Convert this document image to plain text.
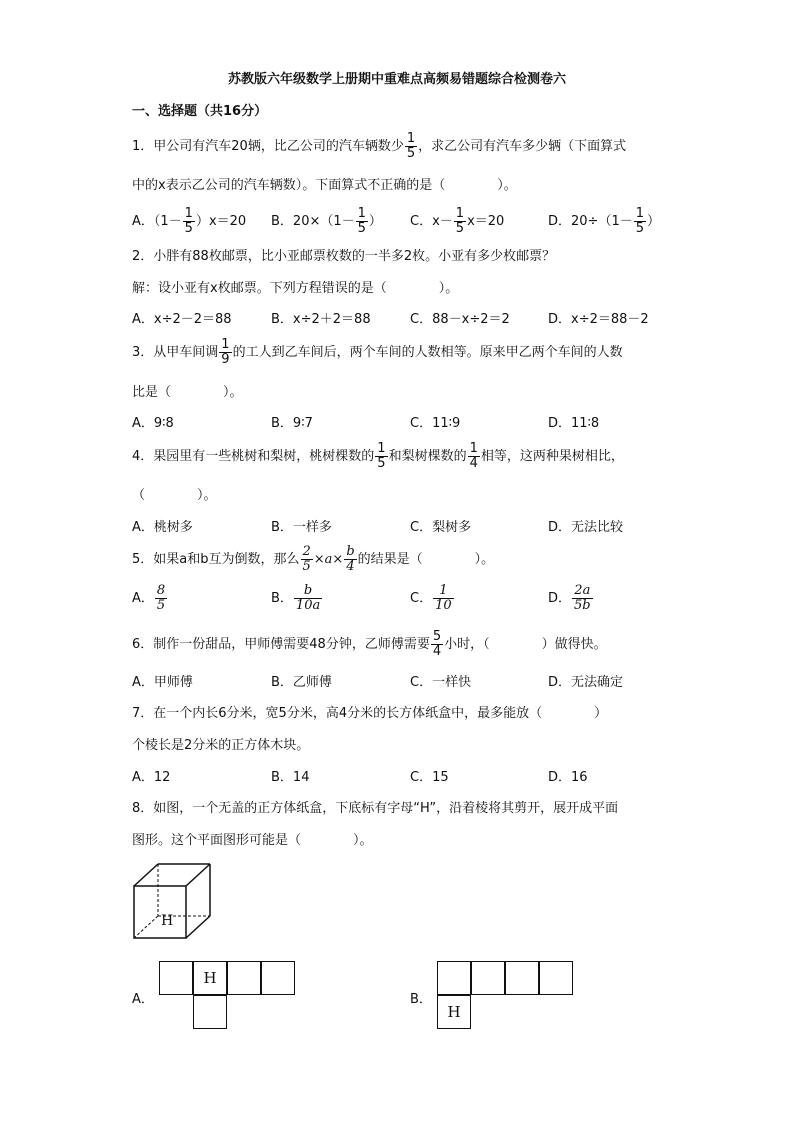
苏教版六年级数学上册期中重难点高频易错题综合检测卷六
一、选择题（共16分）
1．甲公司有汽车20辆，比乙公司的汽车辆数少 $\frac{1}{5}$ ，求乙公司有汽车多少辆（下面算式
中的x表示乙公司的汽车辆数）。下面算式不正确的是（	）。
A．$(1- \frac{1}{5} )x=20$ B．$20\times(1- \frac{1}{5}$ ） C．$x- \frac{1}{5} x=20$	D．$20\div(1- \frac{1}{5}$ ）
2．小胖有88枚邮票，比小亚邮票枚数的一半多2枚。小亚有多少枚邮票？
解：设小亚有x枚邮票。下列方程错误的是（	）。
A．x÷2－2＝88	B．x÷2＋2＝88	C．88－x÷2＝2	D．x÷2＝88－2
3．从甲车间调 $\frac{1}{9}$ 的工人到乙车间后，两个车间的人数相等。原来甲乙两个车间的人数
比是（	）。
A．9∶8	B．9∶7	C．11∶9	D．11∶8
4．果园里有一些桃树和梨树，桃树棵数的 $\frac{1}{5}$ 和梨树棵数的 $\frac{1}{4}$ 相等，这两种果树相比，
（	）。
A．桃树多	B．一样多	C．梨树多	D．无法比较
5．如果a和b互为倒数，那么 $\frac{2}{5} \times a\times \frac{b}{4}$ 的结果是（	）。
A． $\frac{8}{5}$	B． $\frac{b}{10a}$	C． $\frac{1}{10}$	D． $\frac{2a}{5b}$
6．制作一份甜品，甲师傅需要48分钟，乙师傅需要 $\frac{5}{4}$ 小时，（	）做得快。
A．甲师傅	B．乙师傅	C．一样快	D．无法确定
7．在一个内长6分米，宽5分米，高4分米的长方体纸盒中，最多能放（	）
个棱长是2分米的正方体木块。
A．12	B．14	C．15	D．16
8．如图，一个无盖的正方体纸盒，下底标有字母“H”，沿着棱将其剪开，展开成平面
图形。这个平面图形可能是（	）。
H
A．
H
B．
H
